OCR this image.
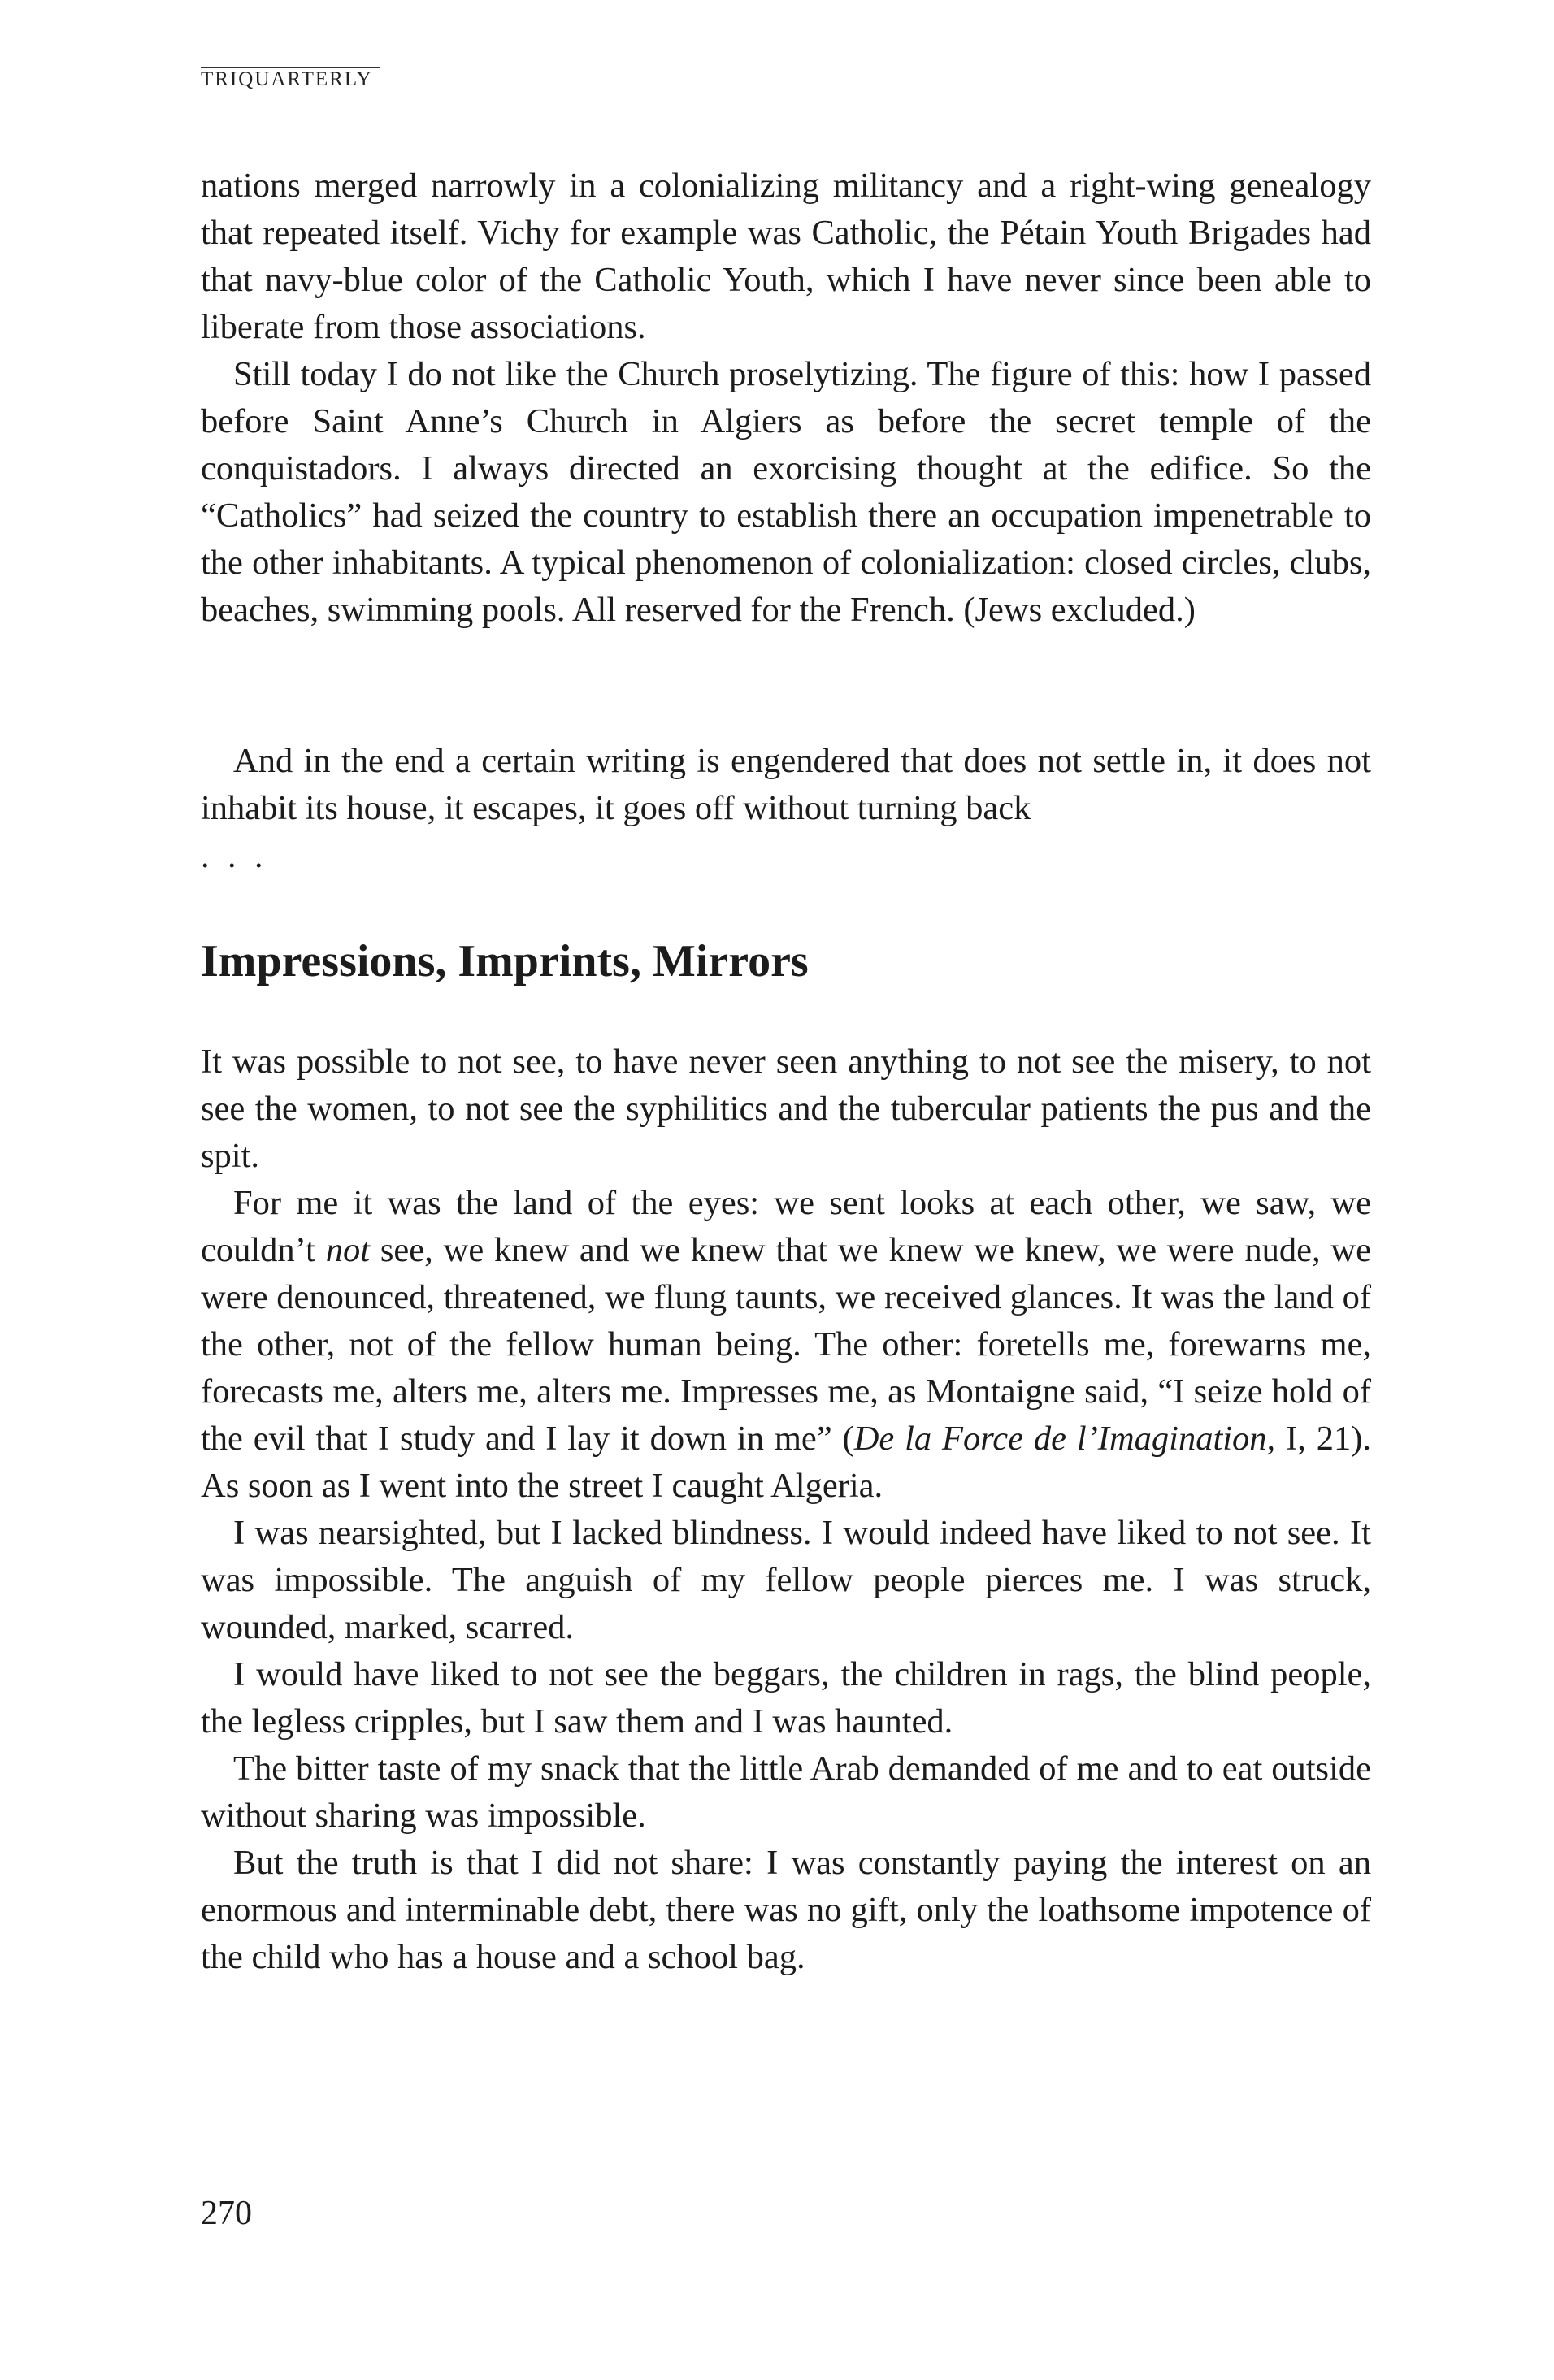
TRIQUARTERLY

nations merged narrowly in a colonializing militancy and a right-wing genealogy that repeated itself. Vichy for example was Catholic, the Pétain Youth Brigades had that navy-blue color of the Catholic Youth, which I have never since been able to liberate from those associations.

Still today I do not like the Church proselytizing. The figure of this: how I passed before Saint Anne’s Church in Algiers as before the secret temple of the conquistadors. I always directed an exorcising thought at the edifice. So the “Catholics” had seized the country to establish there an occupation impenetrable to the other inhabitants. A typical phenomenon of colonialization: closed circles, clubs, beaches, swimming pools. All reserved for the French. (Jews excluded.)

And in the end a certain writing is engendered that does not settle in, it does not inhabit its house, it escapes, it goes off without turning back

. . .
Impressions, Imprints, Mirrors

It was possible to not see, to have never seen anything to not see the misery, to not see the women, to not see the syphilitics and the tubercular patients the pus and the spit.

For me it was the land of the eyes: we sent looks at each other, we saw, we couldn’t not see, we knew and we knew that we knew we knew, we were nude, we were denounced, threatened, we flung taunts, we received glances. It was the land of the other, not of the fellow human being. The other: foretells me, forewarns me, forecasts me, alters me, alters me. Impresses me, as Montaigne said, “I seize hold of the evil that I study and I lay it down in me” (De la Force de l’Imagination, I, 21). As soon as I went into the street I caught Algeria.

I was nearsighted, but I lacked blindness. I would indeed have liked to not see. It was impossible. The anguish of my fellow people pierces me. I was struck, wounded, marked, scarred.

I would have liked to not see the beggars, the children in rags, the blind people, the legless cripples, but I saw them and I was haunted.

The bitter taste of my snack that the little Arab demanded of me and to eat outside without sharing was impossible.

But the truth is that I did not share: I was constantly paying the interest on an enormous and interminable debt, there was no gift, only the loathsome impotence of the child who has a house and a school bag.

270
